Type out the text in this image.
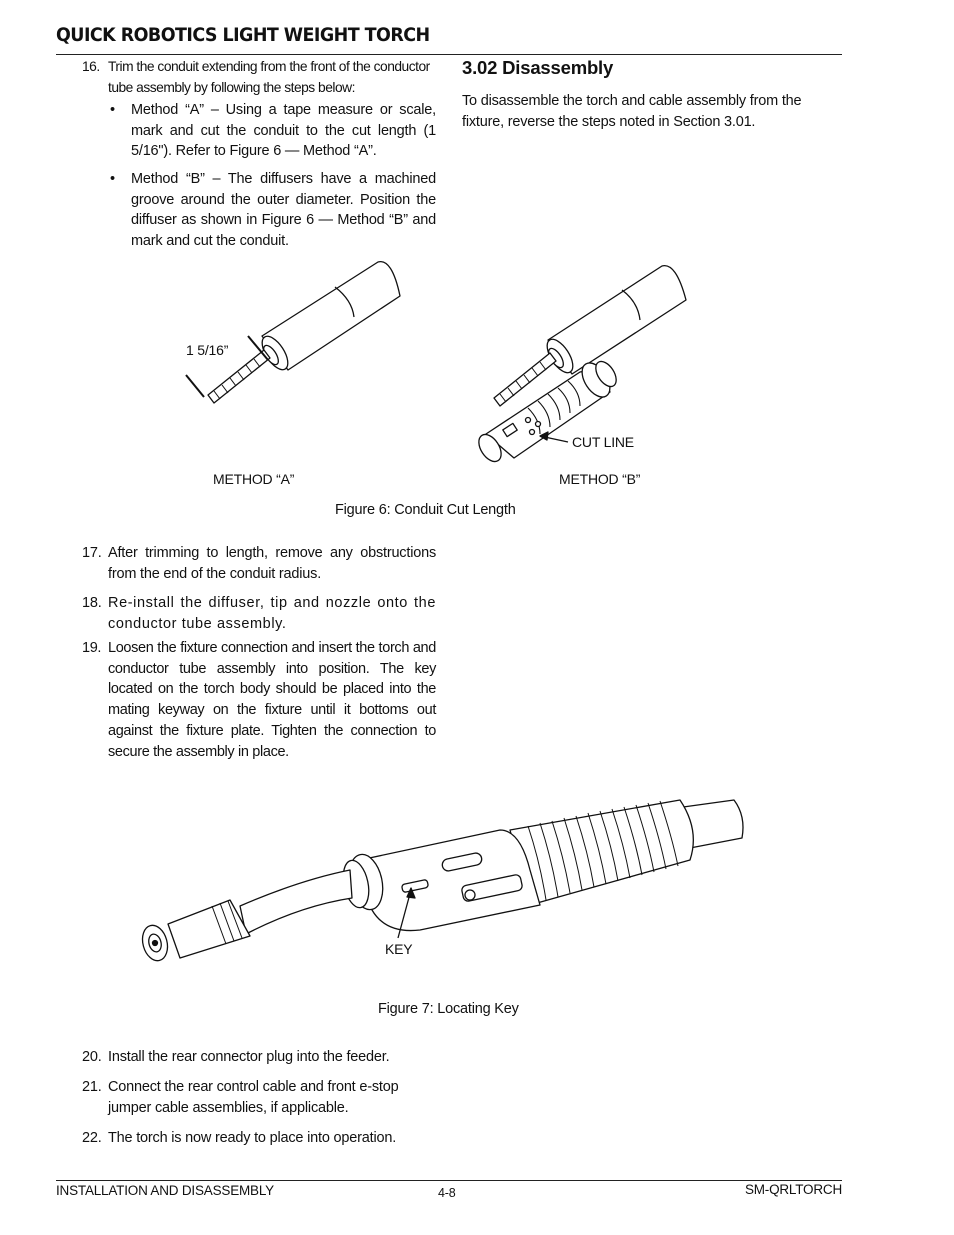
QUICK ROBOTICS LIGHT WEIGHT TORCH
16. Trim the conduit extending from the front of the conductor tube assembly by following the steps below:

• Method “A” – Using a tape measure or scale, mark and cut the conduit to the cut length (1 5/16"). Refer to Figure 6 — Method “A”.

• Method “B” – The diffusers have a machined groove around the outer diameter. Position the diffuser as shown in Figure 6 — Method “B” and mark and cut the conduit.

3.02 Disassembly

To disassemble the torch and cable assembly from the fixture, reverse the steps noted in Section 3.01.

1 5/16”
CUT LINE
METHOD “A”	METHOD “B”
Figure 6: Conduit Cut Length
17. After trimming to length, remove any obstructions from the end of the conduit radius.

18. Re-install the diffuser, tip and nozzle onto the conductor tube assembly.

19. Loosen the fixture connection and insert the torch and conductor tube assembly into position. The key located on the torch body should be placed into the mating keyway on the fixture until it bottoms out against the fixture plate. Tighten the connection to secure the assembly in place.

KEY
Figure 7: Locating Key
20. Install the rear connector plug into the feeder.

21. Connect the rear control cable and front e-stop jumper cable assemblies, if applicable.

22. The torch is now ready to place into operation.

INSTALLATION AND DISASSEMBLY	4-8	SM-QRLTORCH
